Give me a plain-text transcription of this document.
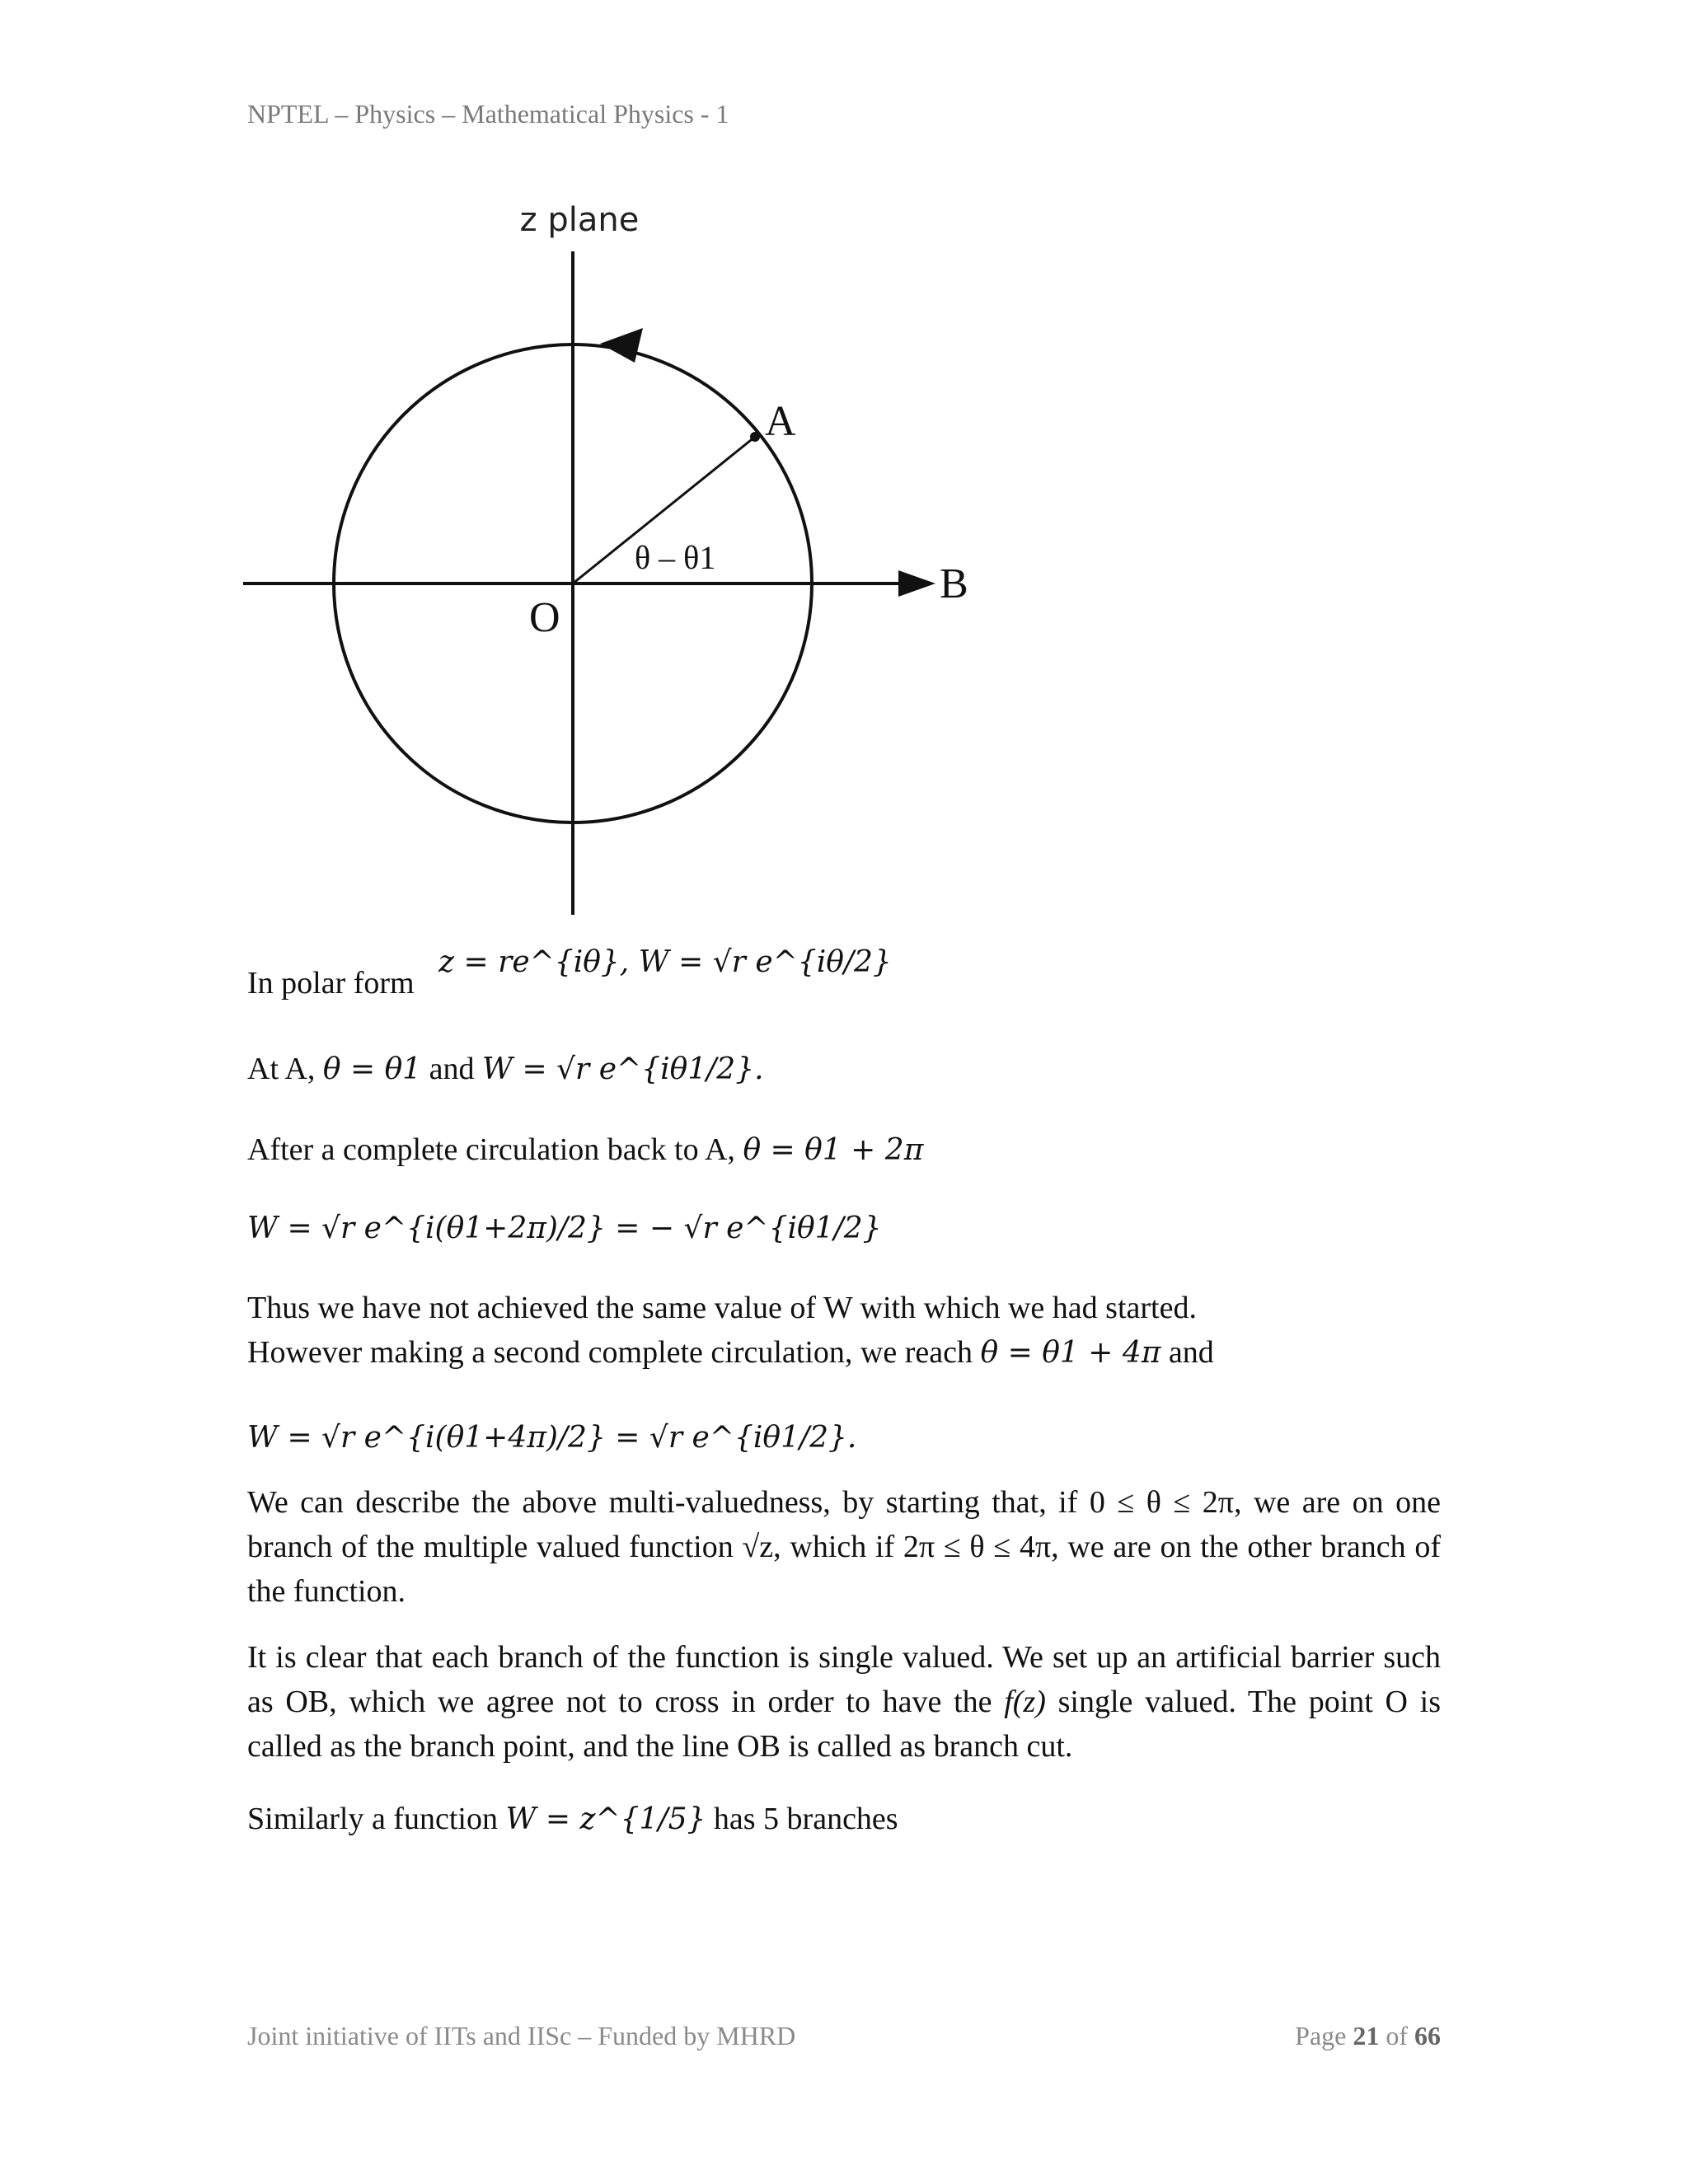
NPTEL – Physics – Mathematical Physics - 1
z plane
A
B
O
θ – θ1
In polar form z = re^{iθ}, W = √r e^{iθ/2}
At A, θ = θ1 and W = √r e^{iθ1/2}.
After a complete circulation back to A, θ = θ1 + 2π
W = √r e^{i(θ1+2π)/2} = − √r e^{iθ1/2}
Thus we have not achieved the same value of W with which we had started.
However making a second complete circulation, we reach θ = θ1 + 4π and
W = √r e^{i(θ1+4π)/2} = √r e^{iθ1/2}.
We can describe the above multi-valuedness, by starting that, if 0 ≤ θ ≤ 2π, we are on one branch of the multiple valued function √z, which if 2π ≤ θ ≤ 4π, we are on the other branch of the function.
It is clear that each branch of the function is single valued. We set up an artificial barrier such as OB, which we agree not to cross in order to have the f(z) single valued. The point O is called as the branch point, and the line OB is called as branch cut.
Similarly a function W = z^{1/5} has 5 branches
Joint initiative of IITs and IISc – Funded by MHRD	Page 21 of 66
